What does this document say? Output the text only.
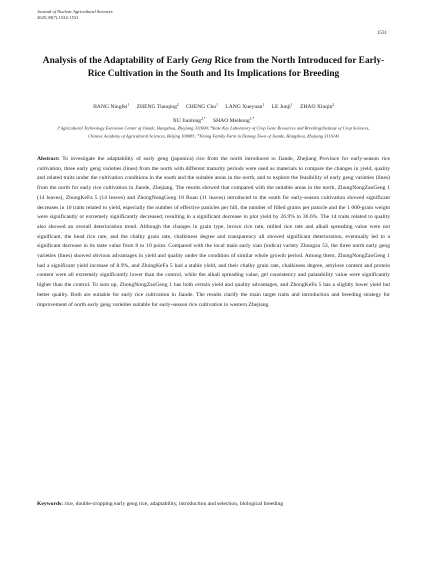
Journal of Nuclear Agricultural Sciences
2025,39(7):1522-1531
1531
Analysis of the Adaptability of Early Geng Rice from the North Introduced for Early-Rice Cultivation in the South and Its Implications for Breeding
JIANG Ningfei$^1$ ZHENG Tianqing$^2$ CHENG Chu$^1$ LANG Xueyuan$^1$ LE Junji$^1$ ZHAO Xiuqin$^2$
XU Jianlong$^{2,*}$ SHAO Meihong$^{1,*}$
($^1$Agricultural Technology Extension Center of Jiande, Hangzhou, Zhejiang 311600; $^2$State Key Laboratory of Crop Gene Resources and Breeding/Institute of Crop Sciences, Chinese Academy of Agricultural Sciences, Beijing 100081; $^3$Timing Family Farm in Datong Town of Jiande, Hangzhou, Zhejiang 311614)

Abstract: To investigate the adaptability of early geng (japonica) rice from the north introduced to Jiande, Zhejiang Province for early-season rice cultivation, three early geng varieties (lines) from the north with different maturity periods were used as materials to compare the changes in yield, quality and related traits under the cultivation conditions in the south and the suitable areas in the north, and to explore the feasibility of early geng varieties (lines) from the north for early rice cultivation in Jiande, Zhejiang. The results showed that compared with the suitable areas in the north, ZhongNongZaoGeng 1 (14 leaves), ZhongKeFa 5 (14 leaves) and ZhongNongGeng 18 Ruan (11 leaves) introduced to the south for early-season cultivation showed significant decreases in 10 traits related to yield, especially the number of effective panicles per hill, the number of filled grains per panicle and the 1 000-grain weight were significantly or extremely significantly decreased, resulting in a significant decrease in plot yield by 26.9% to 36.6%. The 14 traits related to quality also showed an overall deterioration trend. Although the changes in grain type, brown rice rate, milled rice rate and alkali spreading value were not significant, the head rice rate, and the chalky grain rate, chalkiness degree and transparency all showed significant deterioration, eventually led to a significant decrease in its taste value from 8 to 10 point. Compared with the local main early xian (indica) variety Zhongzu 53, the three north early geng varieties (lines) showed obvious advantages in yield and quality under the condition of similar whole growth period. Among them, ZhongNongZaoGeng 1 had a significant yield increase of 8.9%, and ZhongKeFa 5 had a stable yield, and their chalky grain rate, chalkiness degree, amylose content and protein content were all extremely significantly lower than the control, while the alkali spreading value, gel consistency and palatability value were significantly higher than the control. To sum up, ZhongNongZaoGeng 1 has both certain yield and quality advantages, and ZhongKeFa 5 has a slightly lower yield but better quality. Both are suitable for early rice cultivation in Jiande. The results clarify the main target traits and introduction and breeding strategy for improvement of north early geng varieties suitable for early-season rice cultivation in western Zhejiang.

Keywords: rice, double-cropping early geng rice, adaptability, introduction and selection, biological breeding
